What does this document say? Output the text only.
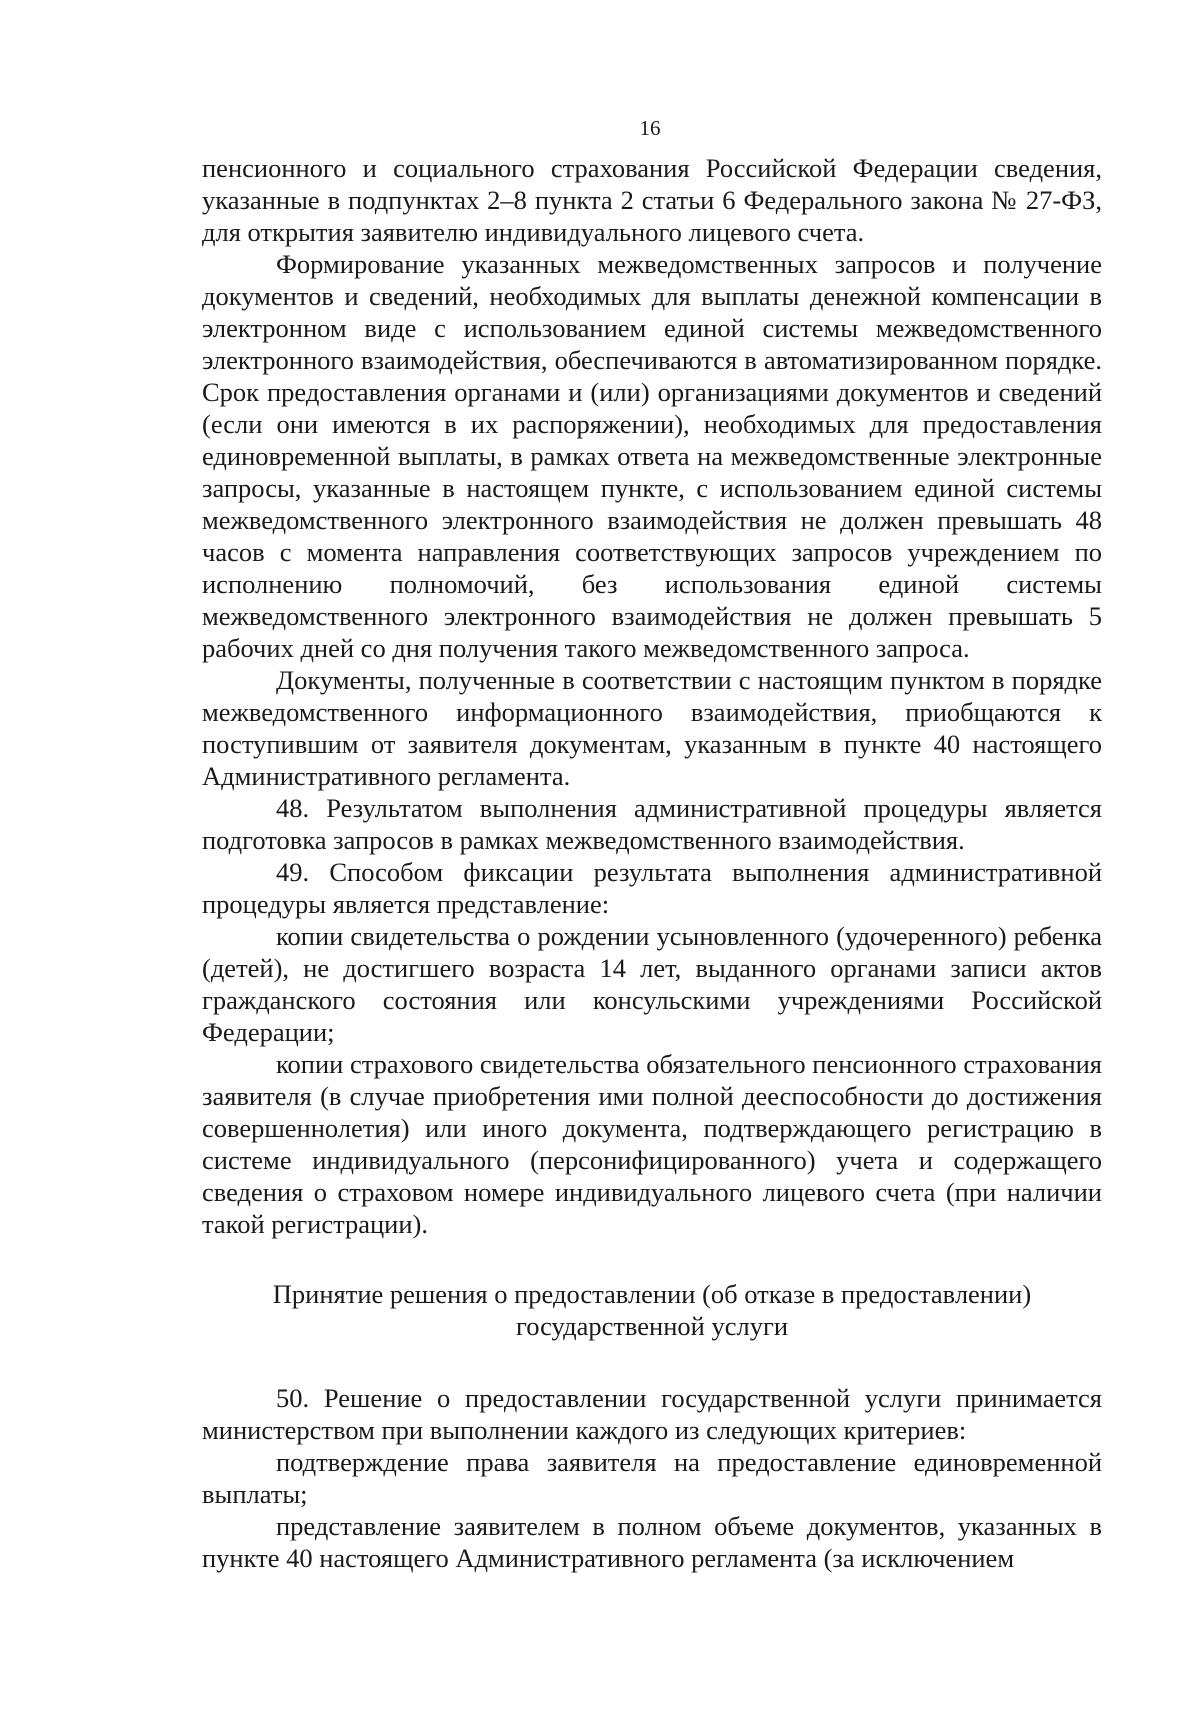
16

пенсионного и социального страхования Российской Федерации сведения, указанные в подпунктах 2–8 пункта 2 статьи 6 Федерального закона № 27-ФЗ, для открытия заявителю индивидуального лицевого счета.

Формирование указанных межведомственных запросов и получение документов и сведений, необходимых для выплаты денежной компенсации в электронном виде с использованием единой системы межведомственного электронного взаимодействия, обеспечиваются в автоматизированном порядке. Срок предоставления органами и (или) организациями документов и сведений (если они имеются в их распоряжении), необходимых для предоставления единовременной выплаты, в рамках ответа на межведомственные электронные запросы, указанные в настоящем пункте, с использованием единой системы межведомственного электронного взаимодействия не должен превышать 48 часов с момента направления соответствующих запросов учреждением по исполнению полномочий, без использования единой системы межведомственного электронного взаимодействия не должен превышать 5 рабочих дней со дня получения такого межведомственного запроса.

Документы, полученные в соответствии с настоящим пунктом в порядке межведомственного информационного взаимодействия, приобщаются к поступившим от заявителя документам, указанным в пункте 40 настоящего Административного регламента.

48. Результатом выполнения административной процедуры является подготовка запросов в рамках межведомственного взаимодействия.

49. Способом фиксации результата выполнения административной процедуры является представление:

копии свидетельства о рождении усыновленного (удочеренного) ребенка (детей), не достигшего возраста 14 лет, выданного органами записи актов гражданского состояния или консульскими учреждениями Российской Федерации;

копии страхового свидетельства обязательного пенсионного страхования заявителя (в случае приобретения ими полной дееспособности до достижения совершеннолетия) или иного документа, подтверждающего регистрацию в системе индивидуального (персонифицированного) учета и содержащего сведения о страховом номере индивидуального лицевого счета (при наличии такой регистрации).

Принятие решения о предоставлении (об отказе в предоставлении)
государственной услуги

50. Решение о предоставлении государственной услуги принимается министерством при выполнении каждого из следующих критериев:

подтверждение права заявителя на предоставление единовременной выплаты;

представление заявителем в полном объеме документов, указанных в пункте 40 настоящего Административного регламента (за исключением
